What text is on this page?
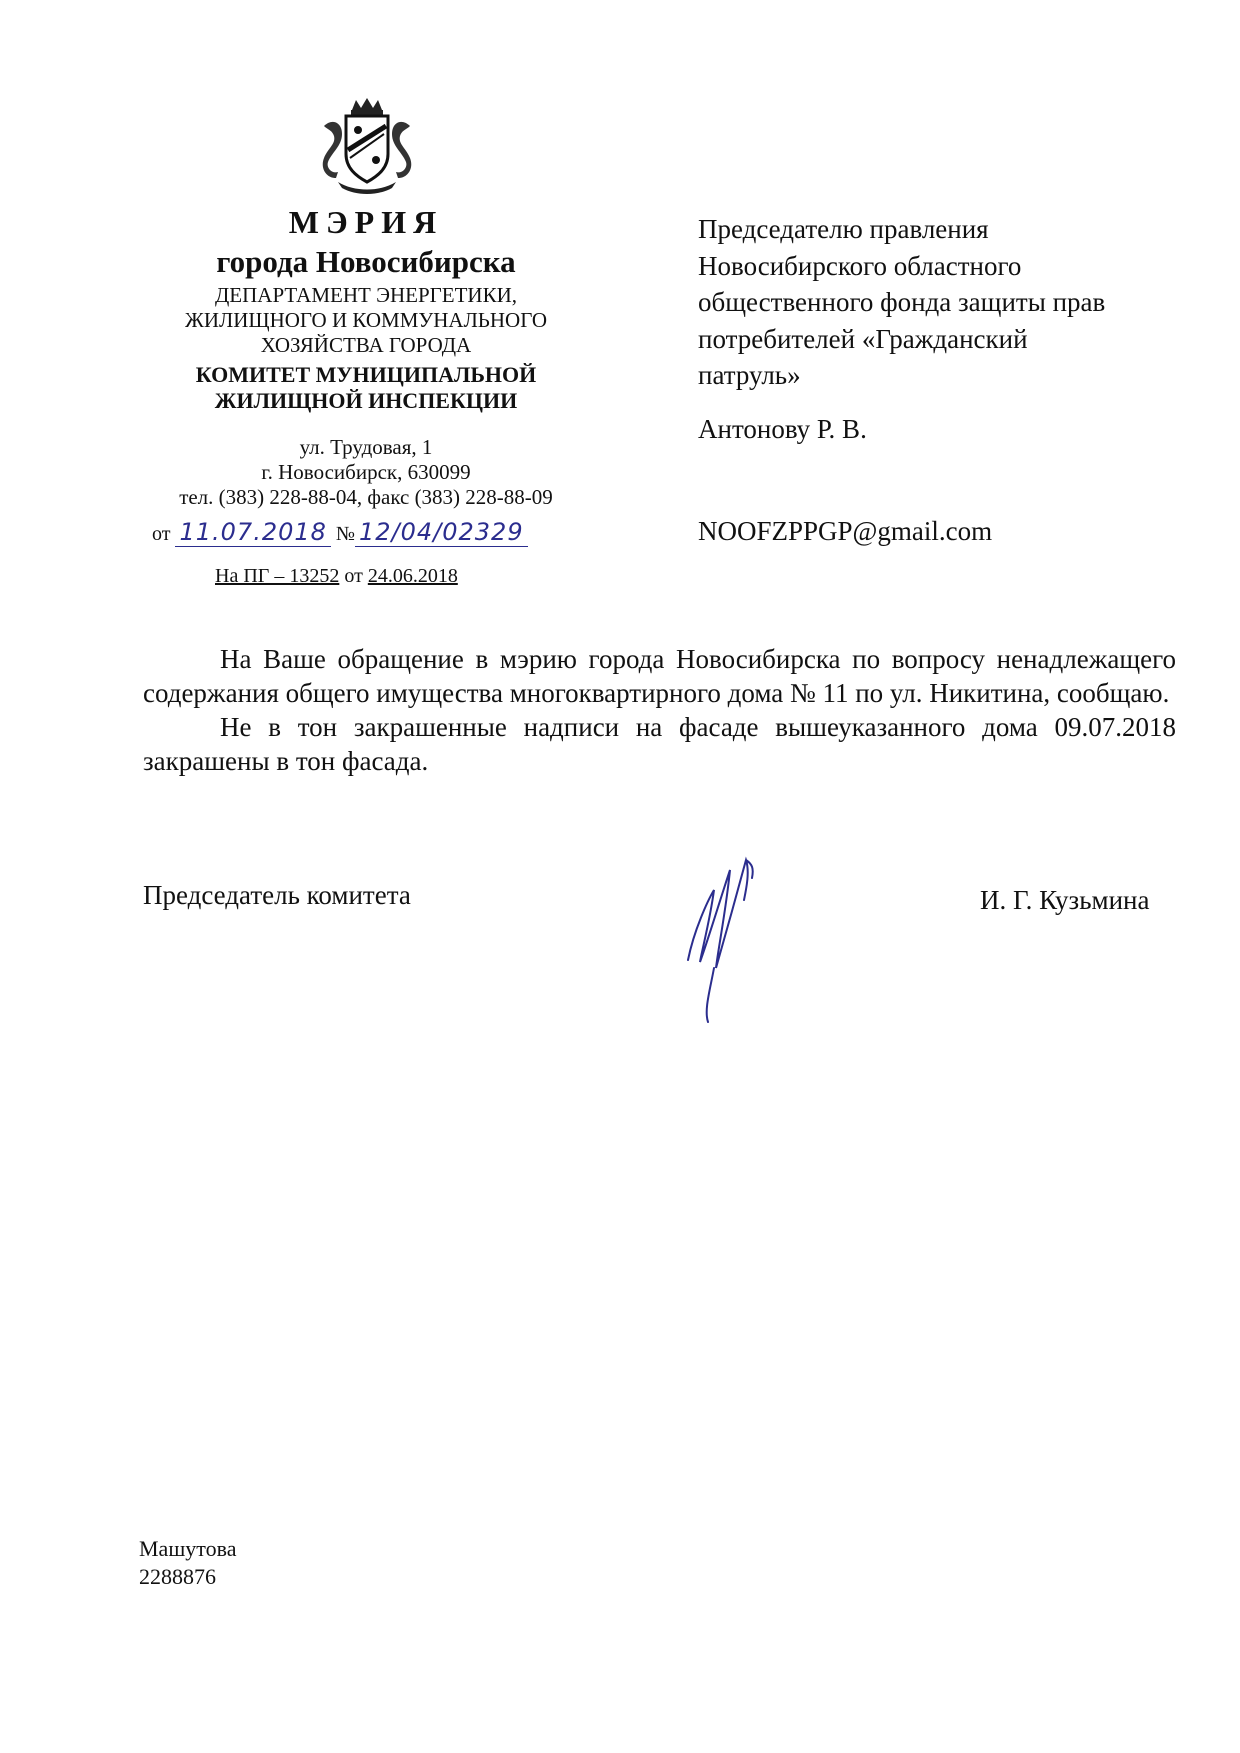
МЭРИЯ
города Новосибирска
ДЕПАРТАМЕНТ ЭНЕРГЕТИКИ,
ЖИЛИЩНОГО И КОММУНАЛЬНОГО
ХОЗЯЙСТВА ГОРОДА
КОМИТЕТ МУНИЦИПАЛЬНОЙ
ЖИЛИЩНОЙ ИНСПЕКЦИИ
ул. Трудовая, 1
г. Новосибирск, 630099
тел. (383) 228-88-04, факс (383) 228-88-09
от 11.07.2018 № 12/04/02329
На ПГ – 13252 от 24.06.2018
Председателю правления
Новосибирского областного
общественного фонда защиты прав
потребителей «Гражданский
патруль»
Антонову Р. В.
NOOFZPPGP@gmail.com

На Ваше обращение в мэрию города Новосибирска по вопросу ненадлежащего содержания общего имущества многоквартирного дома № 11 по ул. Никитина, сообщаю.

Не в тон закрашенные надписи на фасаде вышеуказанного дома 09.07.2018 закрашены в тон фасада.

Председатель комитета	И. Г. Кузьмина
Машутова
2288876
